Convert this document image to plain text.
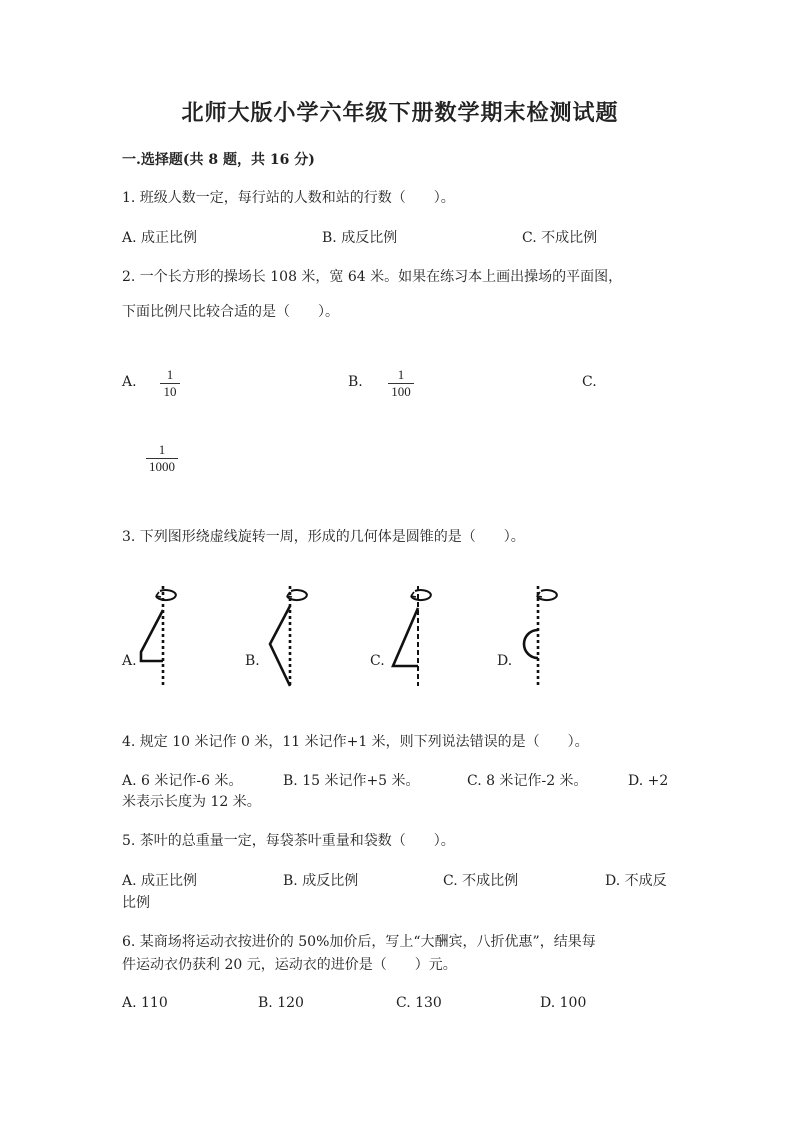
北师大版小学六年级下册数学期末检测试题
一.选择题(共 8 题，共 16 分)
1. 班级人数一定，每行站的人数和站的行数（　　）。
A. 成正比例	B. 成反比例	C. 不成比例
2. 一个长方形的操场长 108 米，宽 64 米。如果在练习本上画出操场的平面图，
下面比例尺比较合适的是（　　）。
A. 1
10
B.	1
100
C.
1
1000
3. 下列图形绕虚线旋转一周，形成的几何体是圆锥的是（　　）。
A.	B.	C.	D.
4. 规定 10 米记作 0 米，11 米记作+1 米，则下列说法错误的是（　　）。
A. 6 米记作-6 米。	B. 15 米记作+5 米。	C. 8 米记作-2 米。	D. +2
米表示长度为 12 米。
5. 茶叶的总重量一定，每袋茶叶重量和袋数（　　）。
A. 成正比例	B. 成反比例	C. 不成比例	D. 不成反
比例
6. 某商场将运动衣按进价的 50%加价后，写上“大酬宾，八折优惠”，结果每
件运动衣仍获利 20 元，运动衣的进价是（　　）元。
A. 110	B. 120	C. 130	D. 100
